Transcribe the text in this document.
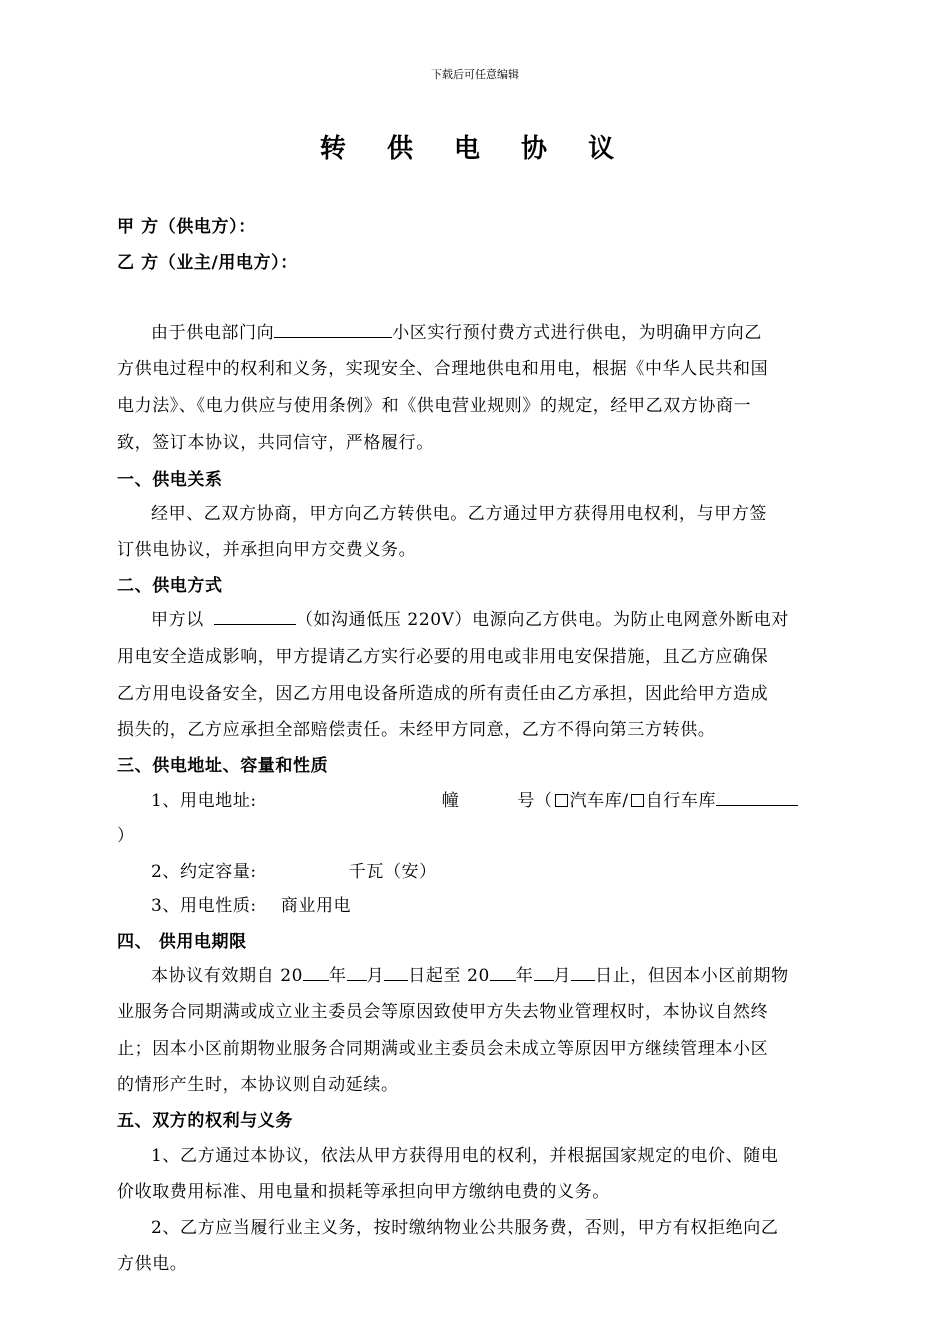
下载后可任意编辑
转 供 电 协 议
甲 方（供电方）：
乙 方（业主/用电方）：
由于供电部门向	小区实行预付费方式进行供电，为明确甲方向乙
方供电过程中的权利和义务，实现安全、合理地供电和用电，根据《中华人民共和国
电力法》、《电力供应与使用条例》和《供电营业规则》的规定，经甲乙双方协商一
致，签订本协议，共同信守，严格履行。
一、供电关系
经甲、乙双方协商，甲方向乙方转供电。乙方通过甲方获得用电权利，与甲方签
订供电协议，并承担向甲方交费义务。
二、供电方式
甲方以	（如沟通低压 220V）电源向乙方供电。为防止电网意外断电对
用电安全造成影响，甲方提请乙方实行必要的用电或非用电安保措施，且乙方应确保
乙方用电设备安全，因乙方用电设备所造成的所有责任由乙方承担，因此给甲方造成
损失的，乙方应承担全部赔偿责任。未经甲方同意，乙方不得向第三方转供。
三、供电地址、容量和性质
1、用电地址:	幢	号（ 汽车库/ 自行车库
）
2、约定容量:	千瓦（安）
3、用电性质: 商业用电
四、 供用电期限
本协议有效期自 20 年 月 日起至 20 年 月 日止，但因本小区前期物
业服务合同期满或成立业主委员会等原因致使甲方失去物业管理权时，本协议自然终
止；因本小区前期物业服务合同期满或业主委员会未成立等原因甲方继续管理本小区
的情形产生时，本协议则自动延续。
五、双方的权利与义务
1、乙方通过本协议，依法从甲方获得用电的权利，并根据国家规定的电价、随电
价收取费用标准、用电量和损耗等承担向甲方缴纳电费的义务。
2、乙方应当履行业主义务，按时缴纳物业公共服务费，否则，甲方有权拒绝向乙
方供电。
